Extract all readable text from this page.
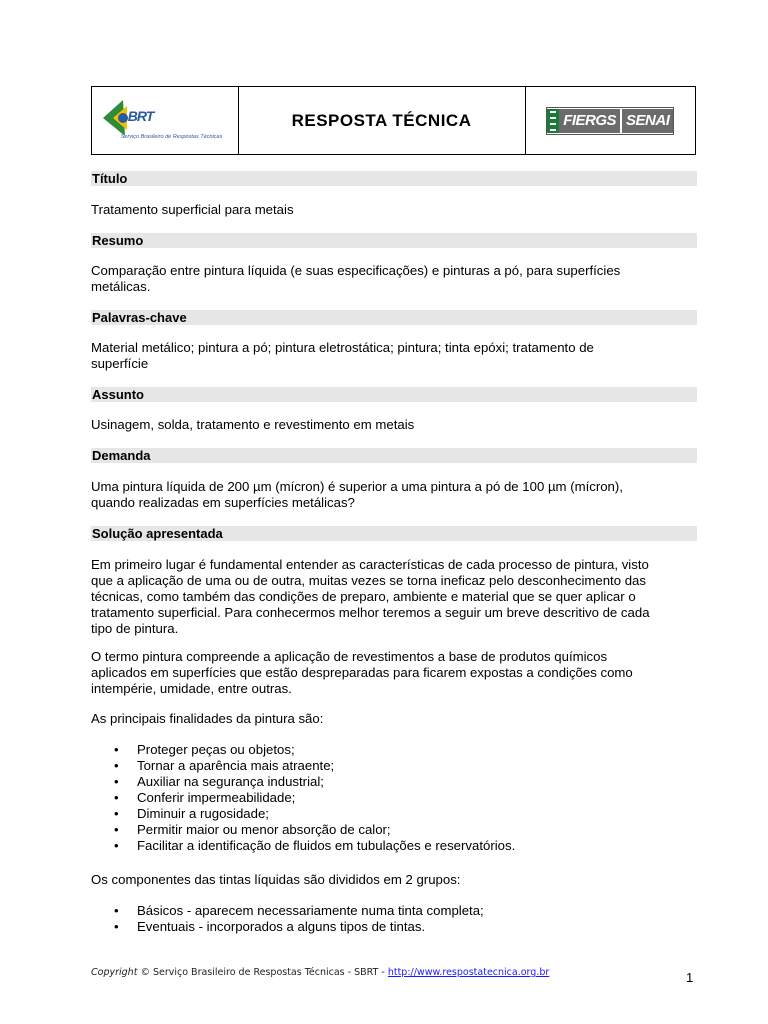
BRT
Serviço Brasileiro de Respostas Técnicas
RESPOSTA TÉCNICA	FIERGS SENAI
Título
Tratamento superficial para metais
Resumo
Comparação entre pintura líquida (e suas especificações) e pinturas a pó, para superfícies
metálicas.
Palavras-chave
Material metálico; pintura a pó; pintura eletrostática; pintura; tinta epóxi; tratamento de
superfície
Assunto
Usinagem, solda, tratamento e revestimento em metais
Demanda
Uma pintura líquida de 200 µm (mícron) é superior a uma pintura a pó de 100 µm (mícron),
quando realizadas em superfícies metálicas?
Solução apresentada
Em primeiro lugar é fundamental entender as características de cada processo de pintura, visto
que a aplicação de uma ou de outra, muitas vezes se torna ineficaz pelo desconhecimento das
técnicas, como também das condições de preparo, ambiente e material que se quer aplicar o
tratamento superficial. Para conhecermos melhor teremos a seguir um breve descritivo de cada
tipo de pintura.
O termo pintura compreende a aplicação de revestimentos a base de produtos químicos
aplicados em superfícies que estão despreparadas para ficarem expostas a condições como
intempérie, umidade, entre outras.
As principais finalidades da pintura são:
• Proteger peças ou objetos;
• Tornar a aparência mais atraente;
• Auxiliar na segurança industrial;
• Conferir impermeabilidade;
• Diminuir a rugosidade;
• Permitir maior ou menor absorção de calor;
• Facilitar a identificação de fluidos em tubulações e reservatórios.
Os componentes das tintas líquidas são divididos em 2 grupos:
• Básicos - aparecem necessariamente numa tinta completa;
• Eventuais - incorporados a alguns tipos de tintas.
Copyright © Serviço Brasileiro de Respostas Técnicas - SBRT - http://www.respostatecnica.org.br	1
